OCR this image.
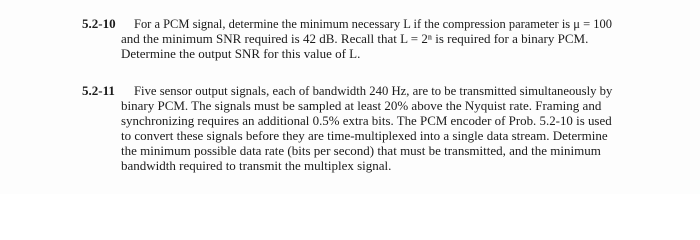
5.2-10 For a PCM signal, determine the minimum necessary L if the compression parameter is μ = 100
and the minimum SNR required is 42 dB. Recall that L = 2ⁿ is required for a binary PCM.
Determine the output SNR for this value of L.
5.2-11 Five sensor output signals, each of bandwidth 240 Hz, are to be transmitted simultaneously by
binary PCM. The signals must be sampled at least 20% above the Nyquist rate. Framing and
synchronizing requires an additional 0.5% extra bits. The PCM encoder of Prob. 5.2-10 is used
to convert these signals before they are time-multiplexed into a single data stream. Determine
the minimum possible data rate (bits per second) that must be transmitted, and the minimum
bandwidth required to transmit the multiplex signal.
